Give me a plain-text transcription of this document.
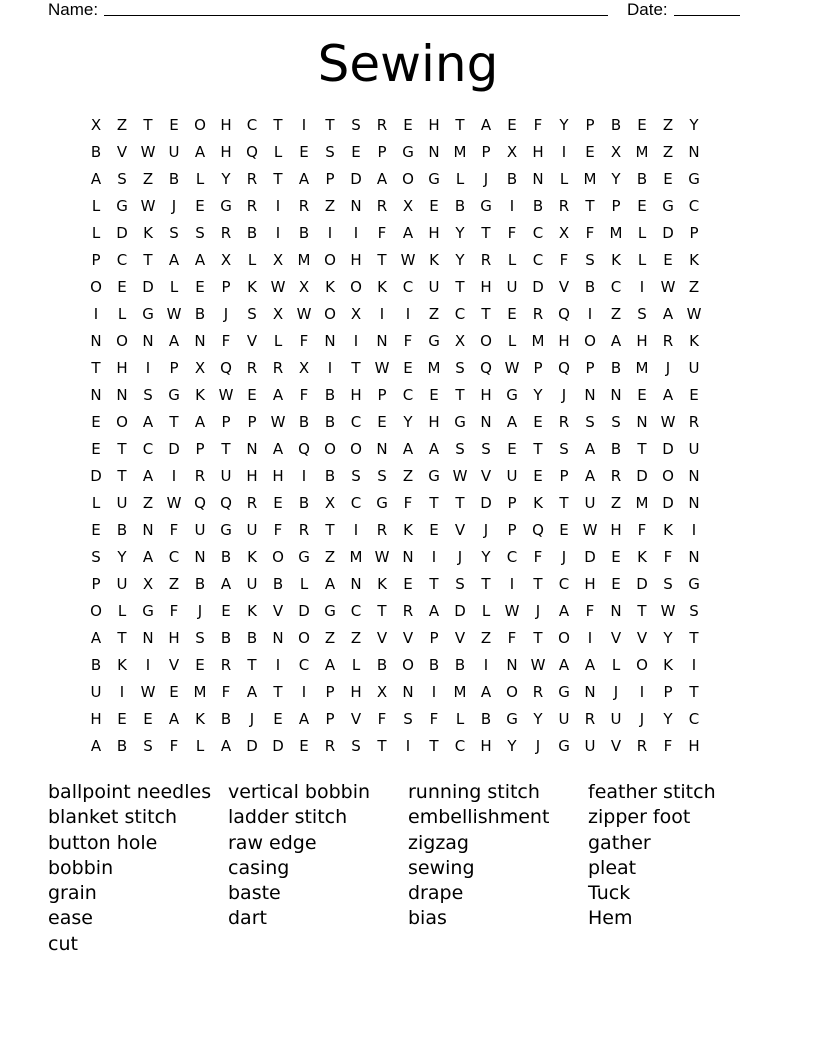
Name:	Date:
Sewing
X	Z	T	E	O H	C	T	I	T	S	R	E	H	T	A	E	F	Y	P	B	E	Z	Y
B	V W U	A	H Q	L	E	S	E	P	G N M	P	X	H	I	E	X M Z	N
A	S	Z	B	L	Y	R	T	A	P	D	A O G	L	J	B	N	L	M Y	B	E	G
L	G W	J	E	G R	I	R	Z	N	R	X	E	B	G	I	B	R	T	P	E	G C
L	D	K	S	S	R	B	I	B	I	I	F	A	H	Y	T	F	C	X	F	M	L	D	P
P	C	T	A	A	X	L	X M O H	T W K	Y	R	L	C	F	S	K	L	E	K
O	E	D	L	E	P	K W X	K	O	K	C	U	T	H U D	V	B	C	I	W Z
I	L	G W B	J	S	X W O X	I	I	Z	C	T	E	R Q	I	Z	S	A W
N O N	A	N	F	V	L	F	N	I	N	F	G	X O	L	M H O A	H	R	K
T	H	I	P	X Q R	R	X	I	T W E M S	Q W P	Q	P	B M	J	U
N N	S	G	K W E	A	F	B	H	P	C	E	T	H G	Y	J	N N	E	A	E
E	O A	T	A	P	P W B	B	C	E	Y	H G N	A	E	R	S	S	N W R
E	T	C D	P	T	N	A Q O O N	A	A	S	S	E	T	S	A	B	T	D U
D	T	A	I	R	U H H	I	B	S	S	Z	G W V	U	E	P	A	R	D O N
L	U	Z W Q Q R	E	B	X	C G	F	T	T	D	P	K	T	U	Z M D N
E	B	N	F	U G U	F	R	T	I	R	K	E	V	J	P	Q	E W H	F	K	I
S	Y	A	C	N	B	K	O G	Z M W N	I	J	Y	C	F	J	D	E	K	F	N
P	U	X	Z	B	A	U	B	L	A	N	K	E	T	S	T	I	T	C	H	E	D	S	G
O	L	G	F	J	E	K	V	D G C	T	R	A	D	L W	J	A	F	N	T W S
A	T	N H	S	B	B	N O Z	Z	V	V	P	V	Z	F	T	O	I	V	V	Y	T
B	K	I	V	E	R	T	I	C	A	L	B O B	B	I	N W A	A	L	O	K	I
U	I	W E M	F	A	T	I	P	H	X	N	I	M A O R G N	J	I	P	T
H	E	E	A	K	B	J	E	A	P	V	F	S	F	L	B	G	Y	U	R	U	J	Y	C
A	B	S	F	L	A	D D	E	R	S	T	I	T	C	H	Y	J	G U	V	R	F	H
ballpoint needles
blanket stitch
button hole
bobbin
grain
ease
cut
vertical bobbin
ladder stitch
raw edge
casing
baste
dart
running stitch
embellishment
zigzag
sewing
drape
bias
feather stitch
zipper foot
gather
pleat
Tuck
Hem
